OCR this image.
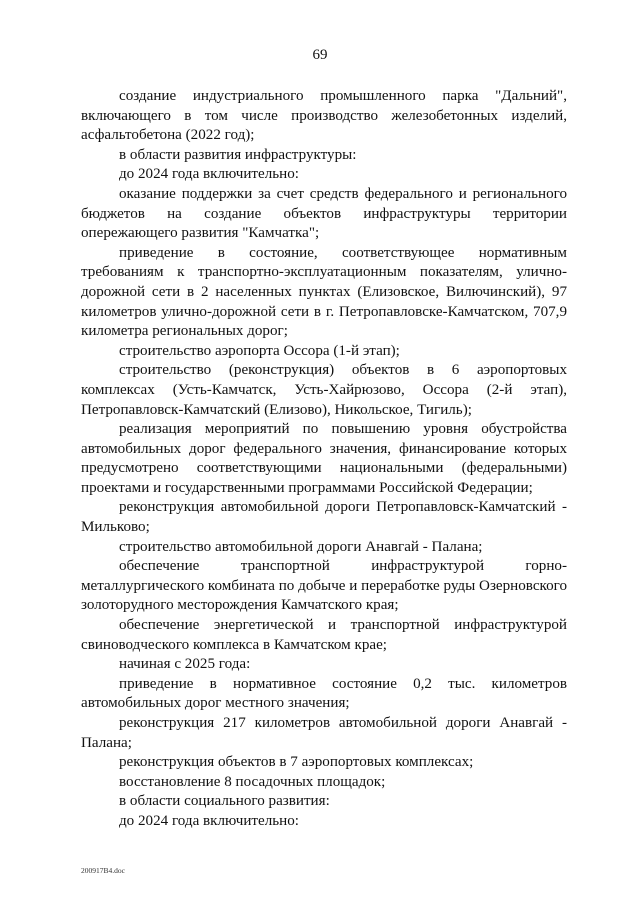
69

создание индустриального промышленного парка "Дальний", включающего в том числе производство железобетонных изделий, асфальтобетона (2022 год);

в области развития инфраструктуры:

до 2024 года включительно:

оказание поддержки за счет средств федерального и регионального бюджетов на создание объектов инфраструктуры территории опережающего развития "Камчатка";

приведение в состояние, соответствующее нормативным требованиям к транспортно-эксплуатационным показателям, улично-дорожной сети в 2 населенных пунктах (Елизовское, Вилючинский), 97 километров улично-дорожной сети в г. Петропавловске-Камчатском, 707,9 километра региональных дорог;

строительство аэропорта Оссора (1-й этап);

строительство (реконструкция) объектов в 6 аэропортовых комплексах (Усть-Камчатск, Усть-Хайрюзово, Оссора (2-й этап), Петропавловск-Камчатский (Елизово), Никольское, Тигиль);

реализация мероприятий по повышению уровня обустройства автомобильных дорог федерального значения, финансирование которых предусмотрено соответствующими национальными (федеральными) проектами и государственными программами Российской Федерации;

реконструкция автомобильной дороги Петропавловск-Камчатский - Мильково;

строительство автомобильной дороги Анавгай - Палана;

обеспечение транспортной инфраструктурой горно-металлургического комбината по добыче и переработке руды Озерновского золоторудного месторождения Камчатского края;

обеспечение энергетической и транспортной инфраструктурой свиноводческого комплекса в Камчатском крае;

начиная с 2025 года:

приведение в нормативное состояние 0,2 тыс. километров автомобильных дорог местного значения;

реконструкция 217 километров автомобильной дороги Анавгай - Палана;

реконструкция объектов в 7 аэропортовых комплексах;

восстановление 8 посадочных площадок;

в области социального развития:

до 2024 года включительно:

200917В4.doc
